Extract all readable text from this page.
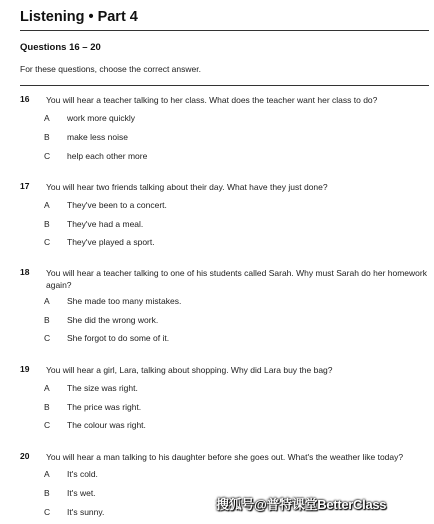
Listening • Part 4
Questions 16 – 20
For these questions, choose the correct answer.
16 You will hear a teacher talking to her class. What does the teacher want her class to do?
A work more quickly
B make less noise
C help each other more
17 You will hear two friends talking about their day. What have they just done?
A They've been to a concert.
B They've had a meal.
C They've played a sport.
18 You will hear a teacher talking to one of his students called Sarah. Why must Sarah do her homework again?
A She made too many mistakes.
B She did the wrong work.
C She forgot to do some of it.
19 You will hear a girl, Lara, talking about shopping. Why did Lara buy the bag?
A The size was right.
B The price was right.
C The colour was right.
20 You will hear a man talking to his daughter before she goes out. What's the weather like today?
A It's cold.
B It's wet.
C It's sunny.	搜狐号@普特课堂BetterClass
